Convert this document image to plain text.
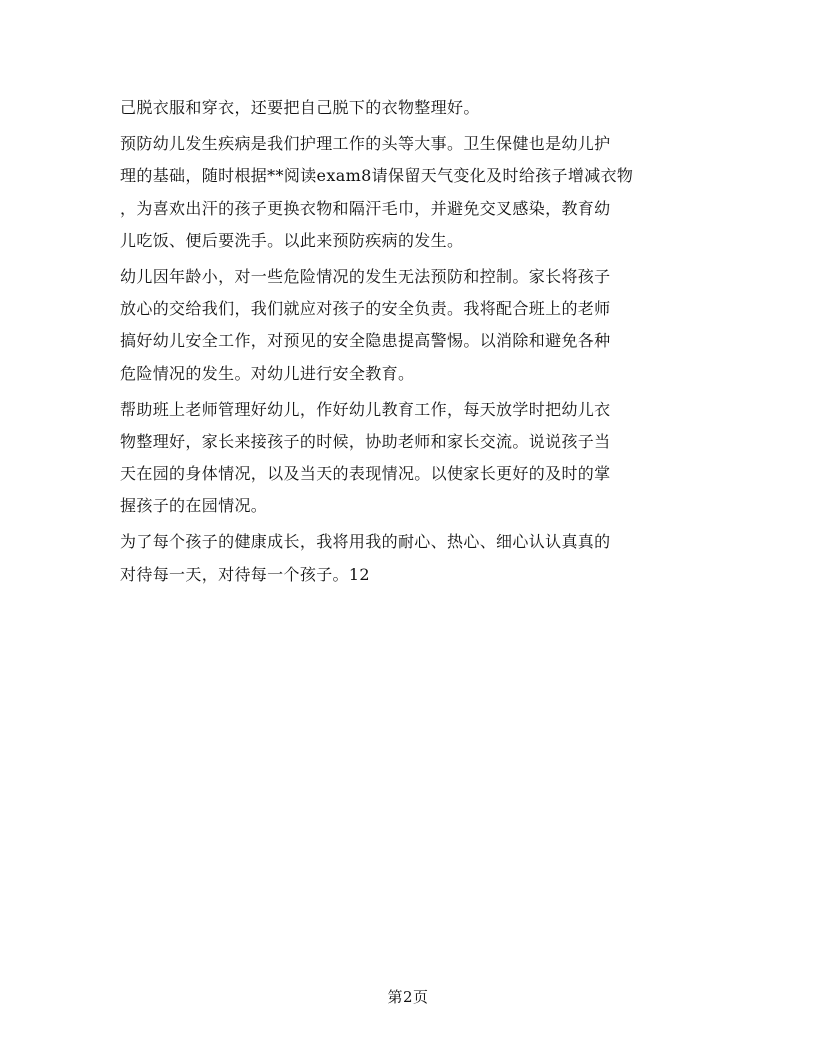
己脱衣服和穿衣，还要把自己脱下的衣物整理好。
预防幼儿发生疾病是我们护理工作的头等大事。卫生保健也是幼儿护
理的基础，随时根据**阅读exam8请保留天气变化及时给孩子增减衣物
，为喜欢出汗的孩子更换衣物和隔汗毛巾，并避免交叉感染，教育幼
儿吃饭、便后要洗手。以此来预防疾病的发生。
幼儿因年龄小，对一些危险情况的发生无法预防和控制。家长将孩子
放心的交给我们，我们就应对孩子的安全负责。我将配合班上的老师
搞好幼儿安全工作，对预见的安全隐患提高警惕。以消除和避免各种
危险情况的发生。对幼儿进行安全教育。
帮助班上老师管理好幼儿，作好幼儿教育工作，每天放学时把幼儿衣
物整理好，家长来接孩子的时候，协助老师和家长交流。说说孩子当
天在园的身体情况，以及当天的表现情况。以使家长更好的及时的掌
握孩子的在园情况。
为了每个孩子的健康成长，我将用我的耐心、热心、细心认认真真的
对待每一天，对待每一个孩子。12
第2页
